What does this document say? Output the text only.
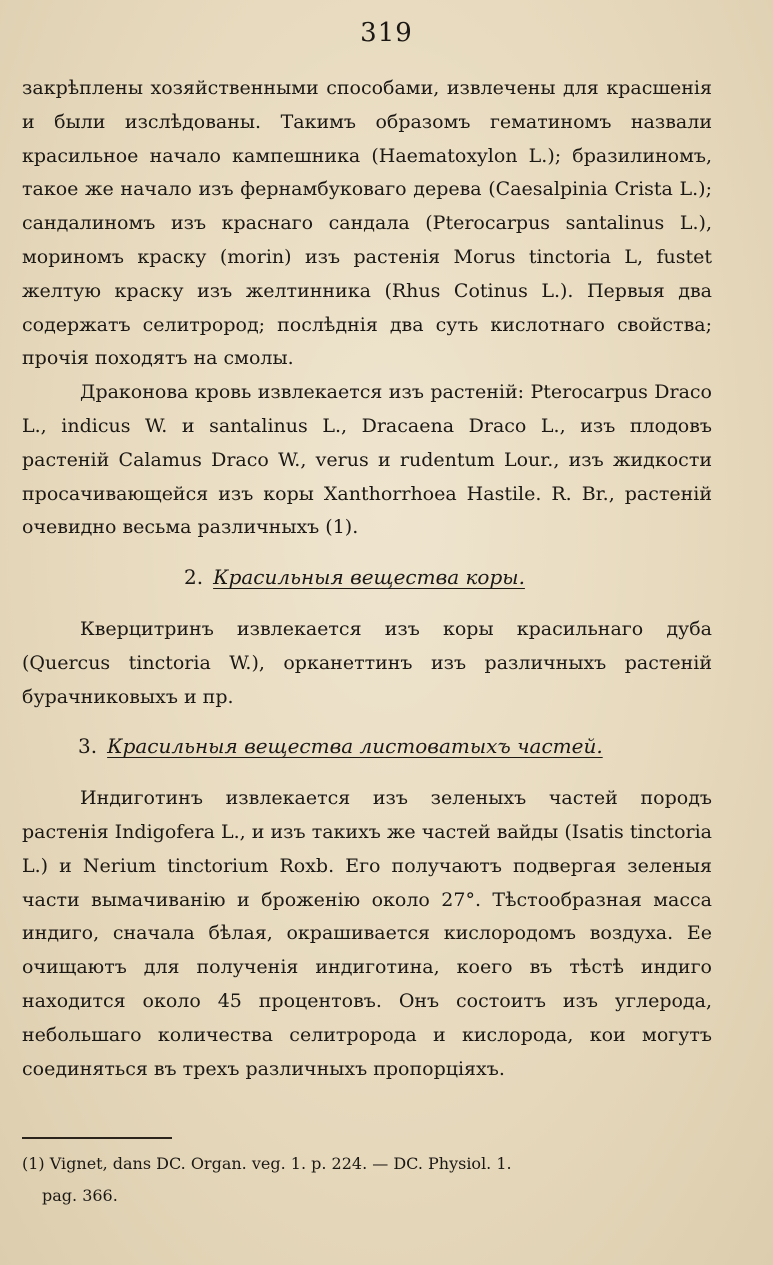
319

закрѣплены хозяйственными способами, извлечены для красшенія и были изслѣдованы. Такимъ образомъ гематиномъ назвали красильное начало кампешника (Haematoxylon L.); бразилиномъ, такое же начало изъ фернамбуковаго дерева (Caesalpinia Crista L.); сандалиномъ изъ краснаго сандала (Pterocarpus santalinus L.), мориномъ краску (morin) изъ растенія Morus tinctoria L, fustet желтую краску изъ желтинника (Rhus Cotinus L.). Первыя два содержатъ селитрород; послѣднія два суть кислотнаго свойства; прочія походятъ на смолы.

Драконова кровь извлекается изъ растеній: Pterocarpus Draco L., indicus W. и santalinus L., Dracaena Draco L., изъ плодовъ растеній Calamus Draco W., verus и rudentum Lour., изъ жидкости просачивающейся изъ коры Xanthorrhoea Hastile. R. Br., растеній очевидно весьма различныхъ (1).

2. Красильныя вещества коры.

Кверцитринъ извлекается изъ коры красильнаго дуба (Quercus tinctoria W.), орканеттинъ изъ различныхъ растеній бурачниковыхъ и пр.

3. Красильныя вещества листоватыхъ частей.

Индиготинъ извлекается изъ зеленыхъ частей породъ растенія Indigofera L., и изъ такихъ же частей вайды (Isatis tinctoria L.) и Nerium tinctorium Roxb. Его получаютъ подвергая зеленыя части вымачиванію и броженію около 27°. Тѣстообразная масса индиго, сначала бѣлая, окрашивается кислородомъ воздуха. Ее очищаютъ для полученія индиготина, коего въ тѣстѣ индиго находится около 45 процентовъ. Онъ состоитъ изъ углерода, небольшаго количества селитророда и кислорода, кои могутъ соединяться въ трехъ различныхъ пропорціяхъ.

(1) Vignet, dans DC. Organ. veg. 1. p. 224. — DC. Physiol. 1.
pag. 366.
